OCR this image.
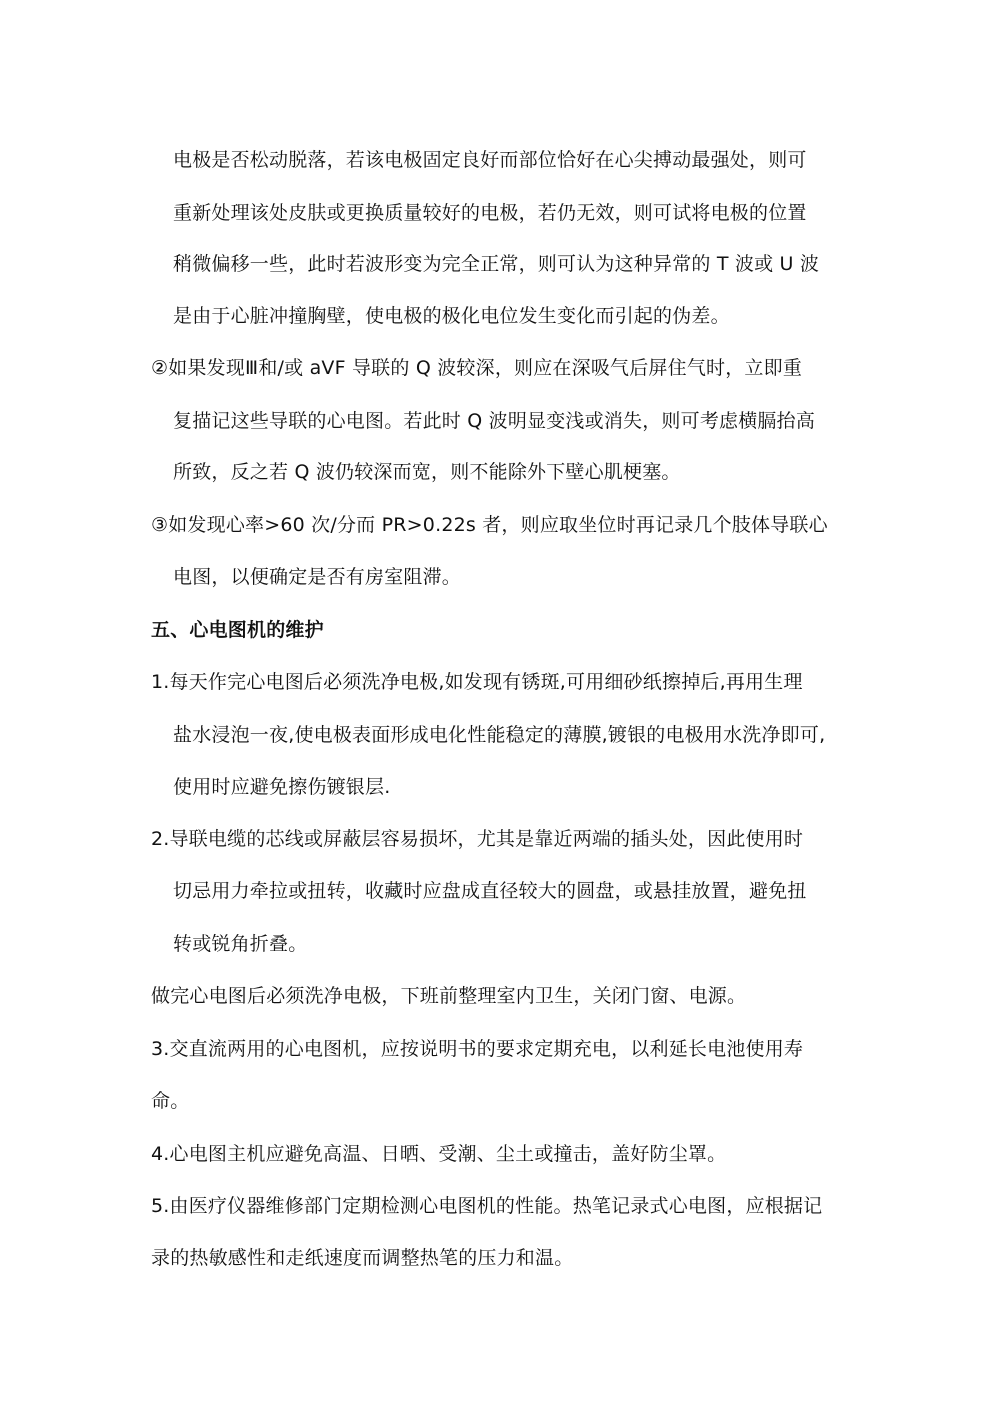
电极是否松动脱落，若该电极固定良好而部位恰好在心尖搏动最强处，则可
重新处理该处皮肤或更换质量较好的电极，若仍无效，则可试将电极的位置
稍微偏移一些，此时若波形变为完全正常，则可认为这种异常的 T 波或 U 波
是由于心脏冲撞胸壁，使电极的极化电位发生变化而引起的伪差。
②如果发现Ⅲ和/或 aVF 导联的 Q 波较深，则应在深吸气后屏住气时，立即重
复描记这些导联的心电图。若此时 Q 波明显变浅或消失，则可考虑横膈抬高
所致，反之若 Q 波仍较深而宽，则不能除外下壁心肌梗塞。
③如发现心率>60 次/分而 PR>0.22s 者，则应取坐位时再记录几个肢体导联心
电图，以便确定是否有房室阻滞。
五、心电图机的维护
1.每天作完心电图后必须洗净电极,如发现有锈斑,可用细砂纸擦掉后,再用生理
盐水浸泡一夜,使电极表面形成电化性能稳定的薄膜,镀银的电极用水洗净即可,
使用时应避免擦伤镀银层.
2.导联电缆的芯线或屏蔽层容易损坏，尤其是靠近两端的插头处，因此使用时
切忌用力牵拉或扭转，收藏时应盘成直径较大的圆盘，或悬挂放置，避免扭
转或锐角折叠。
做完心电图后必须洗净电极，下班前整理室内卫生，关闭门窗、电源。
3.交直流两用的心电图机，应按说明书的要求定期充电，以利延长电池使用寿
命。
4.心电图主机应避免高温、日晒、受潮、尘土或撞击，盖好防尘罩。
5.由医疗仪器维修部门定期检测心电图机的性能。热笔记录式心电图，应根据记
录的热敏感性和走纸速度而调整热笔的压力和温。
